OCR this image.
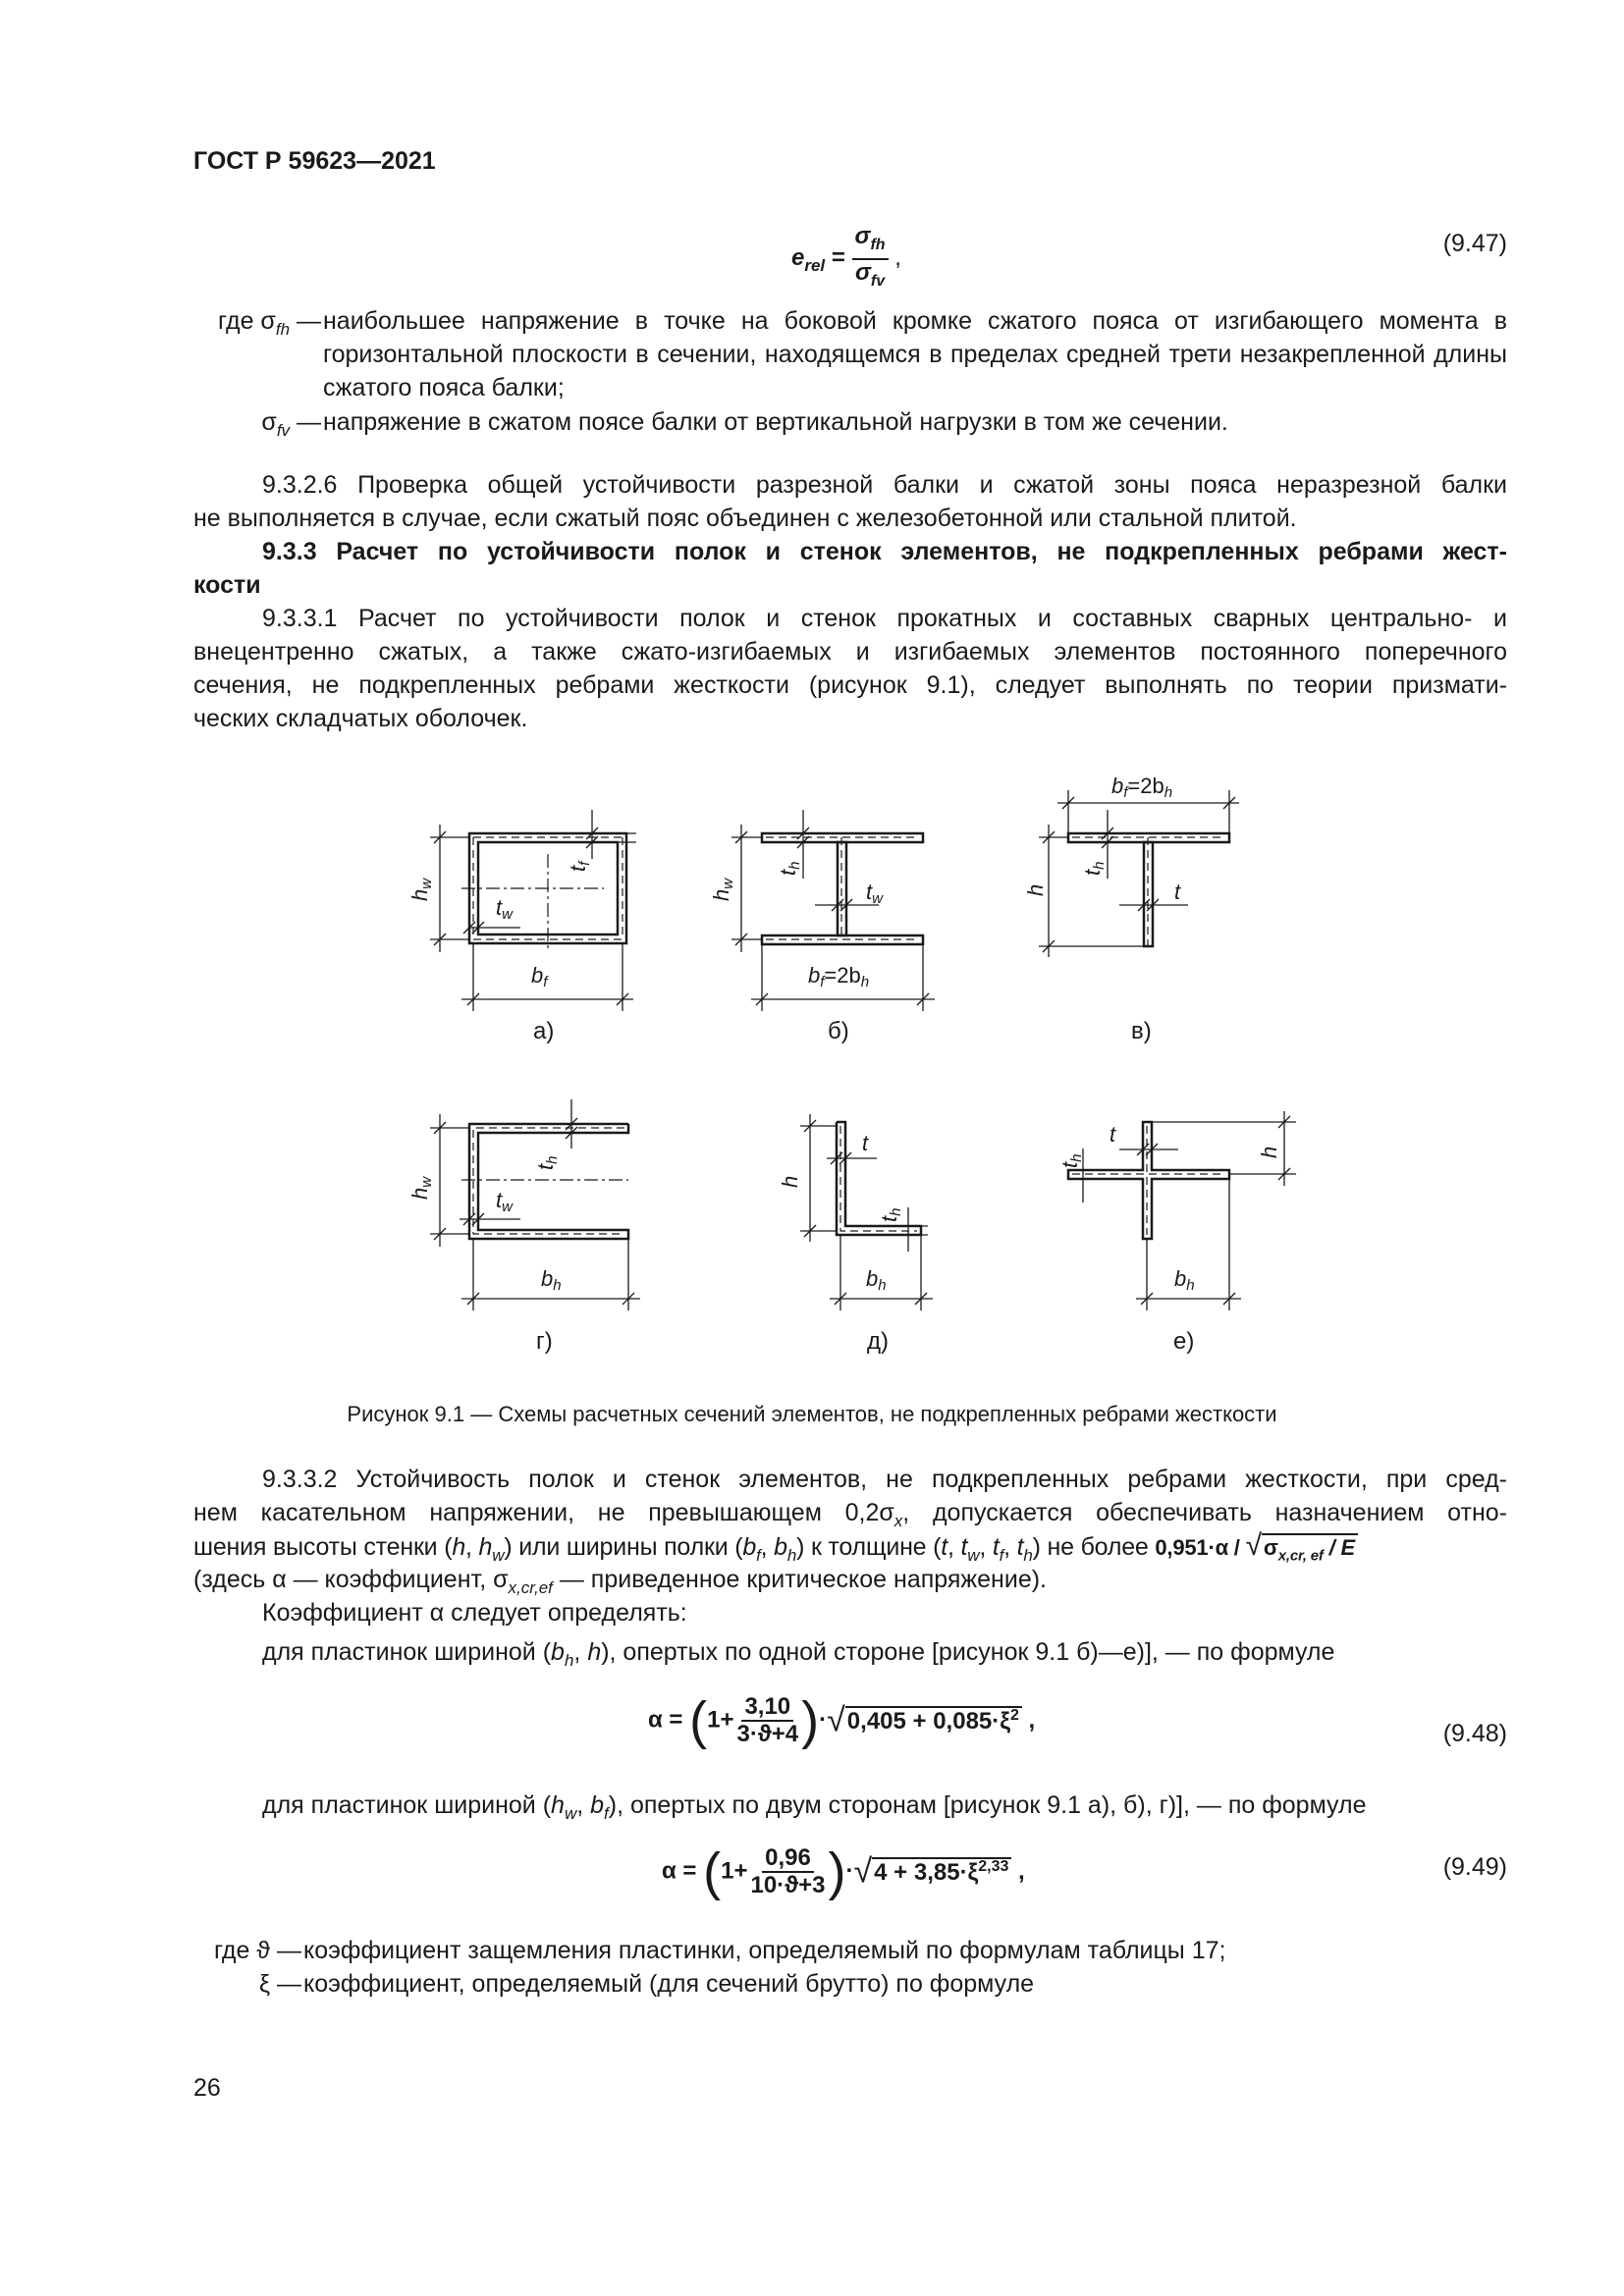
ГОСТ Р 59623—2021
$e_{rel} = \frac{\sigma_{fh}}{\sigma_{fv}}$ ,
(9.47)
где $\sigma_{fh}$ — наибольшее напряжение в точке на боковой кромке сжатого пояса от изгибающего момента в горизонтальной плоскости в сечении, находящемся в пределах средней трети незакрепленной длины сжатого пояса балки;
$\sigma_{fv}$ — напряжение в сжатом поясе балки от вертикальной нагрузки в том же сечении.
9.3.2.6 Проверка общей устойчивости разрезной балки и сжатой зоны пояса неразрезной балки
не выполняется в случае, если сжатый пояс объединен с железобетонной или стальной плитой.
9.3.3 Расчет по устойчивости полок и стенок элементов, не подкрепленных ребрами жест-
кости
9.3.3.1 Расчет по устойчивости полок и стенок прокатных и составных сварных центрально- и
внецентренно сжатых, а также сжато-изгибаемых и изгибаемых элементов постоянного поперечного
сечения, не подкрепленных ребрами жесткости (рисунок 9.1), следует выполнять по теории призмати-
ческих складчатых оболочек.
hw
tw
tf
bf
hw
th
tw
bf=2bh
bf=2bh
h
th
t
hw
th
tw
bh
h
t
th
bh
h
t
th
bh
а)	б)	в)
г)	д)	е)
Рисунок 9.1 — Схемы расчетных сечений элементов, не подкрепленных ребрами жесткости
9.3.3.2 Устойчивость полок и стенок элементов, не подкрепленных ребрами жесткости, при сред-
нем касательном напряжении, не превышающем $0,2\sigma_x$, допускается обеспечивать назначением отно-
шения высоты стенки (h, $h_w$) или ширины полки ($b_f$, $b_h$) к толщине (t, $t_w$, $t_f$, $t_h$) не более $0,951\cdot\alpha / √\sigma_{x,cr, ef} / E$
(здесь α — коэффициент, $\sigma_{x,cr,ef}$ — приведенное критическое напряжение).
Коэффициент α следует определять:
для пластинок шириной ($b_h$, h), опертых по одной стороне [рисунок 9.1 б)—е)], — по формуле
$\alpha = (1+ \frac{3,10}{3\cdot ϑ+4} )\cdot√0,405 + 0,085\cdot\xi^2$ ,	(9.48)
для пластинок шириной ($h_w$, $b_f$), опертых по двум сторонам [рисунок 9.1 а), б), г)], — по формуле
$\alpha = (1+ \frac{0,96}{10\cdot ϑ+3} )\cdot√4 + 3,85\cdot\xi^{2,33}$ ,	(9.49)
где ϑ — коэффициент защемления пластинки, определяемый по формулам таблицы 17;
ξ — коэффициент, определяемый (для сечений брутто) по формуле
26
